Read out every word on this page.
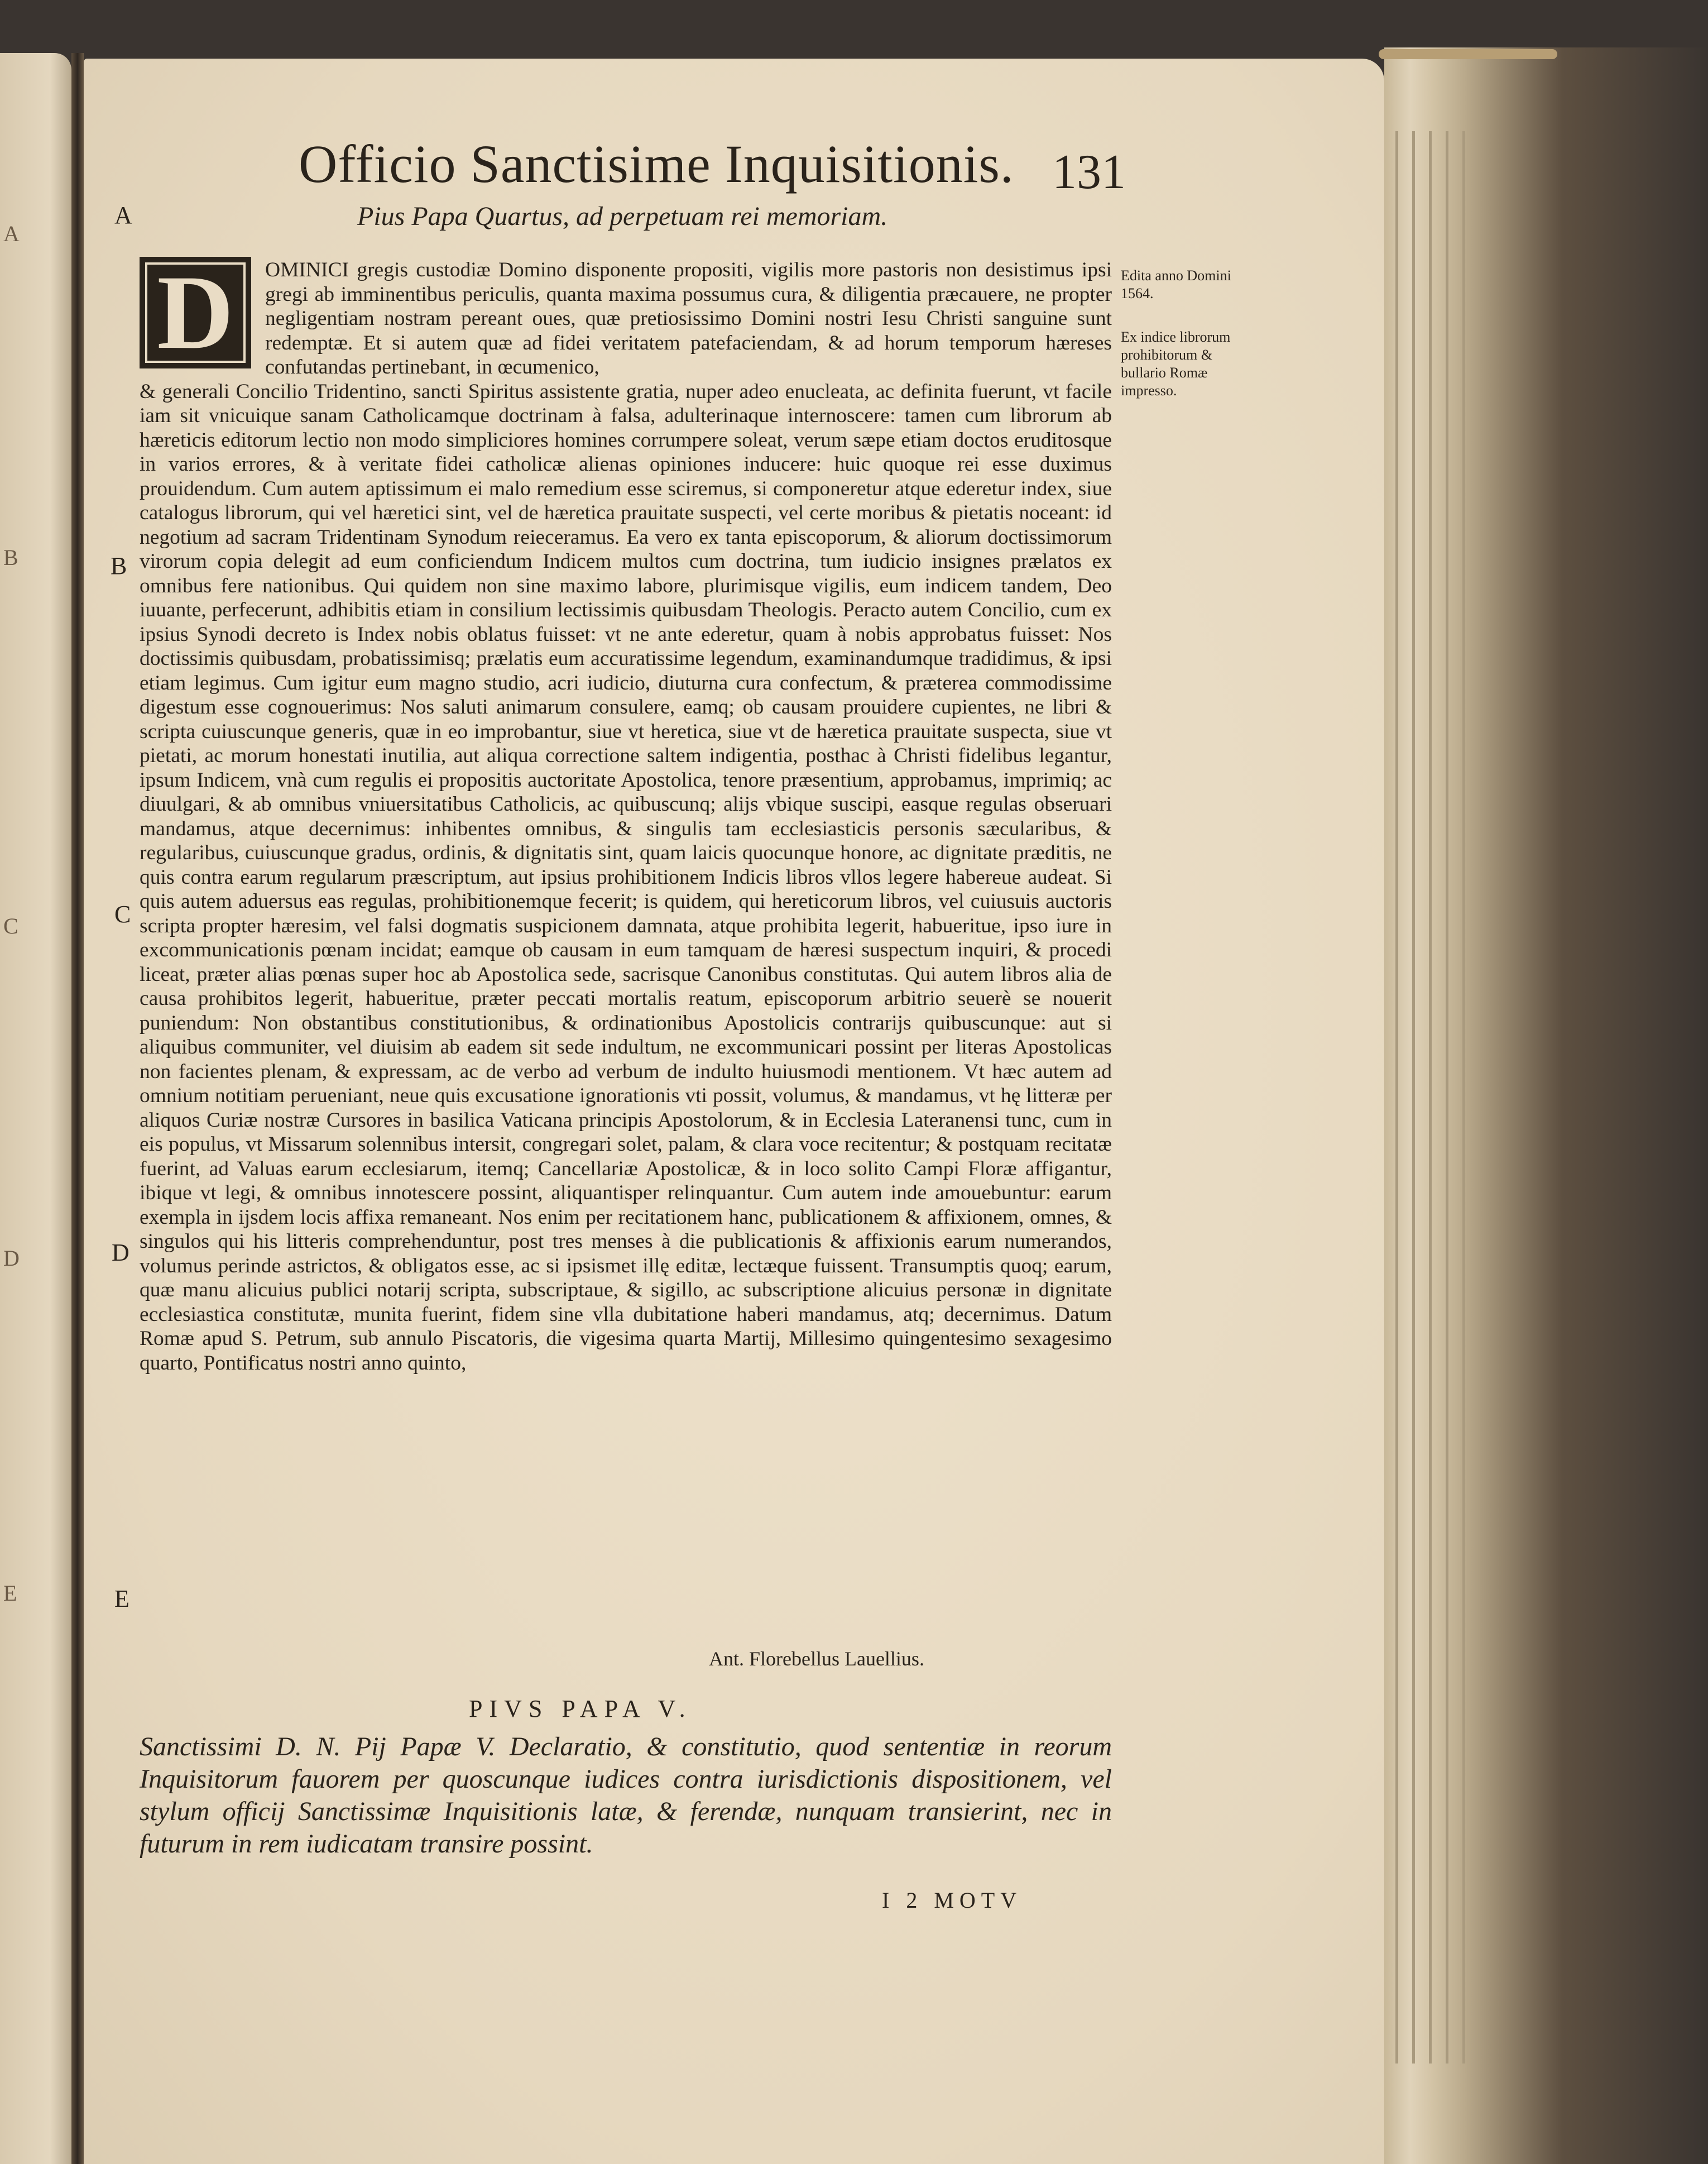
A
B
C
D
E
Officio Sanctisime Inquisitionis. 131
Pius Papa Quartus, ad perpetuam rei memoriam.
A
B
C
D
E
D	OMINICI gregis custodiæ Domino disponente propositi, vigilis more pastoris non desistimus ipsi gregi ab imminentibus periculis, quanta maxima possumus cura, & diligentia præcauere, ne propter negligentiam nostram pereant oues, quæ pretiosissimo Domini nostri Iesu Christi sanguine sunt redemptæ. Et si autem quæ ad fidei veritatem patefaciendam, & ad horum temporum hæreses confutandas pertinebant, in œcumenico,
& generali Concilio Tridentino, sancti Spiritus assistente gratia, nuper adeo enucleata, ac definita fuerunt, vt facile iam sit vnicuique sanam Catholicamque doctrinam à falsa, adulterinaque internoscere: tamen cum librorum ab hæreticis editorum lectio non modo simpliciores homines corrumpere soleat, verum sæpe etiam doctos eruditosque in varios errores, & à veritate fidei catholicæ alienas opiniones inducere: huic quoque rei esse duximus prouidendum. Cum autem aptissimum ei malo remedium esse sciremus, si componeretur atque ederetur index, siue catalogus librorum, qui vel hæretici sint, vel de hæretica prauitate suspecti, vel certe moribus & pietatis noceant: id negotium ad sacram Tridentinam Synodum reieceramus. Ea vero ex tanta episcoporum, & aliorum doctissimorum virorum copia delegit ad eum conficiendum Indicem multos cum doctrina, tum iudicio insignes prælatos ex omnibus fere nationibus. Qui quidem non sine maximo labore, plurimisque vigilis, eum indicem tandem, Deo iuuante, perfecerunt, adhibitis etiam in consilium lectissimis quibusdam Theologis. Peracto autem Concilio, cum ex ipsius Synodi decreto is Index nobis oblatus fuisset: vt ne ante ederetur, quam à nobis approbatus fuisset: Nos doctissimis quibusdam, probatissimisq; prælatis eum accuratissime legendum, examinandumque tradidimus, & ipsi etiam legimus. Cum igitur eum magno studio, acri iudicio, diuturna cura confectum, & præterea commodissime digestum esse cognouerimus: Nos saluti animarum consulere, eamq; ob causam prouidere cupientes, ne libri & scripta cuiuscunque generis, quæ in eo improbantur, siue vt heretica, siue vt de hæretica prauitate suspecta, siue vt pietati, ac morum honestati inutilia, aut aliqua correctione saltem indigentia, posthac à Christi fidelibus legantur, ipsum Indicem, vnà cum regulis ei propositis auctoritate Apostolica, tenore præsentium, approbamus, imprimiq; ac diuulgari, & ab omnibus vniuersitatibus Catholicis, ac quibuscunq; alijs vbique suscipi, easque regulas obseruari mandamus, atque decernimus: inhibentes omnibus, & singulis tam ecclesiasticis personis sæcularibus, & regularibus, cuiuscunque gradus, ordinis, & dignitatis sint, quam laicis quocunque honore, ac dignitate præditis, ne quis contra earum regularum præscriptum, aut ipsius prohibitionem Indicis libros vllos legere habereue audeat. Si quis autem aduersus eas regulas, prohibitionemque fecerit; is quidem, qui hereticorum libros, vel cuiusuis auctoris scripta propter hæresim, vel falsi dogmatis suspicionem damnata, atque prohibita legerit, habueritue, ipso iure in excommunicationis pœnam incidat; eamque ob causam in eum tamquam de hæresi suspectum inquiri, & procedi liceat, præter alias pœnas super hoc ab Apostolica sede, sacrisque Canonibus constitutas. Qui autem libros alia de causa prohibitos legerit, habueritue, præter peccati mortalis reatum, episcoporum arbitrio seuerè se nouerit puniendum: Non obstantibus constitutionibus, & ordinationibus Apostolicis contrarijs quibuscunque: aut si aliquibus communiter, vel diuisim ab eadem sit sede indultum, ne excommunicari possint per literas Apostolicas non facientes plenam, & expressam, ac de verbo ad verbum de indulto huiusmodi mentionem. Vt hæc autem ad omnium notitiam perueniant, neue quis excusatione ignorationis vti possit, volumus, & mandamus, vt hę litteræ per aliquos Curiæ nostræ Cursores in basilica Vaticana principis Apostolorum, & in Ecclesia Lateranensi tunc, cum in eis populus, vt Missarum solennibus intersit, congregari solet, palam, & clara voce recitentur; & postquam recitatæ fuerint, ad Valuas earum ecclesiarum, itemq; Cancellariæ Apostolicæ, & in loco solito Campi Floræ affigantur, ibique vt legi, & omnibus innotescere possint, aliquantisper relinquantur. Cum autem inde amouebuntur: earum exempla in ijsdem locis affixa remaneant. Nos enim per recitationem hanc, publicationem & affixionem, omnes, & singulos qui his litteris comprehenduntur, post tres menses à die publicationis & affixionis earum numerandos, volumus perinde astrictos, & obligatos esse, ac si ipsismet illę editæ, lectæque fuissent. Transumptis quoq; earum, quæ manu alicuius publici notarij scripta, subscriptaue, & sigillo, ac subscriptione alicuius personæ in dignitate ecclesiastica constitutæ, munita fuerint, fidem sine vlla dubitatione haberi mandamus, atq; decernimus. Datum Romæ apud S. Petrum, sub annulo Piscatoris, die vigesima quarta Martij, Millesimo quingentesimo sexagesimo quarto, Pontificatus nostri anno quinto,
Ant. Florebellus Lauellius.
Edita anno Domini 1564.
Ex indice librorum prohibitorum & bullario Romæ impresso.
PIVS PAPA V.
Sanctissimi D. N. Pij Papæ V. Declaratio, & constitutio, quod sententiæ in reorum Inquisitorum fauorem per quoscunque iudices contra iurisdictionis dispositionem, vel stylum officij Sanctissimæ Inquisitionis latæ, & ferendæ, nunquam transierint, nec in futurum in rem iudicatam transire possint.
I 2 MOTV
